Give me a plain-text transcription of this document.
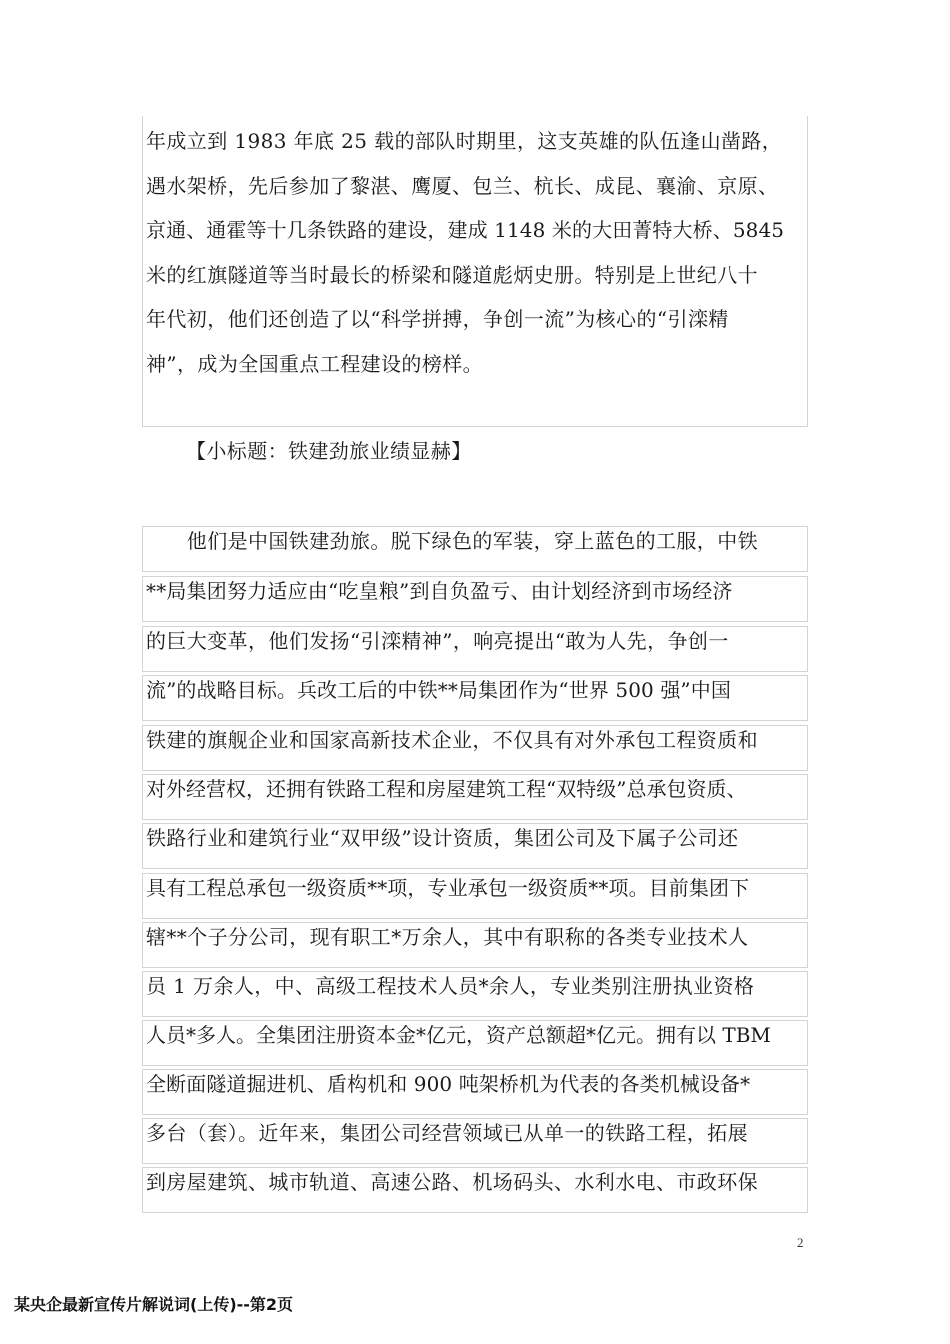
年成立到 1983 年底 25 载的部队时期里，这支英雄的队伍逢山凿路，
遇水架桥，先后参加了黎湛、鹰厦、包兰、杭长、成昆、襄渝、京原、
京通、通霍等十几条铁路的建设，建成 1148 米的大田菁特大桥、5845
米的红旗隧道等当时最长的桥梁和隧道彪炳史册。特别是上世纪八十
年代初，他们还创造了以“科学拼搏，争创一流”为核心的“引滦精
神”，成为全国重点工程建设的榜样。
【小标题：铁建劲旅业绩显赫】
　　他们是中国铁建劲旅。脱下绿色的军装，穿上蓝色的工服，中铁
**局集团努力适应由“吃皇粮”到自负盈亏、由计划经济到市场经济
的巨大变革，他们发扬“引滦精神”，响亮提出“敢为人先，争创一
流”的战略目标。兵改工后的中铁**局集团作为“世界 500 强”中国
铁建的旗舰企业和国家高新技术企业，不仅具有对外承包工程资质和
对外经营权，还拥有铁路工程和房屋建筑工程“双特级”总承包资质、
铁路行业和建筑行业“双甲级”设计资质，集团公司及下属子公司还
具有工程总承包一级资质**项，专业承包一级资质**项。目前集团下
辖**个子分公司，现有职工*万余人，其中有职称的各类专业技术人
员 1 万余人，中、高级工程技术人员*余人，专业类别注册执业资格
人员*多人。全集团注册资本金*亿元，资产总额超*亿元。拥有以 TBM
全断面隧道掘进机、盾构机和 900 吨架桥机为代表的各类机械设备*
多台（套）。近年来，集团公司经营领域已从单一的铁路工程，拓展
到房屋建筑、城市轨道、高速公路、机场码头、水利水电、市政环保
2
某央企最新宣传片解说词(上传)--第2页
